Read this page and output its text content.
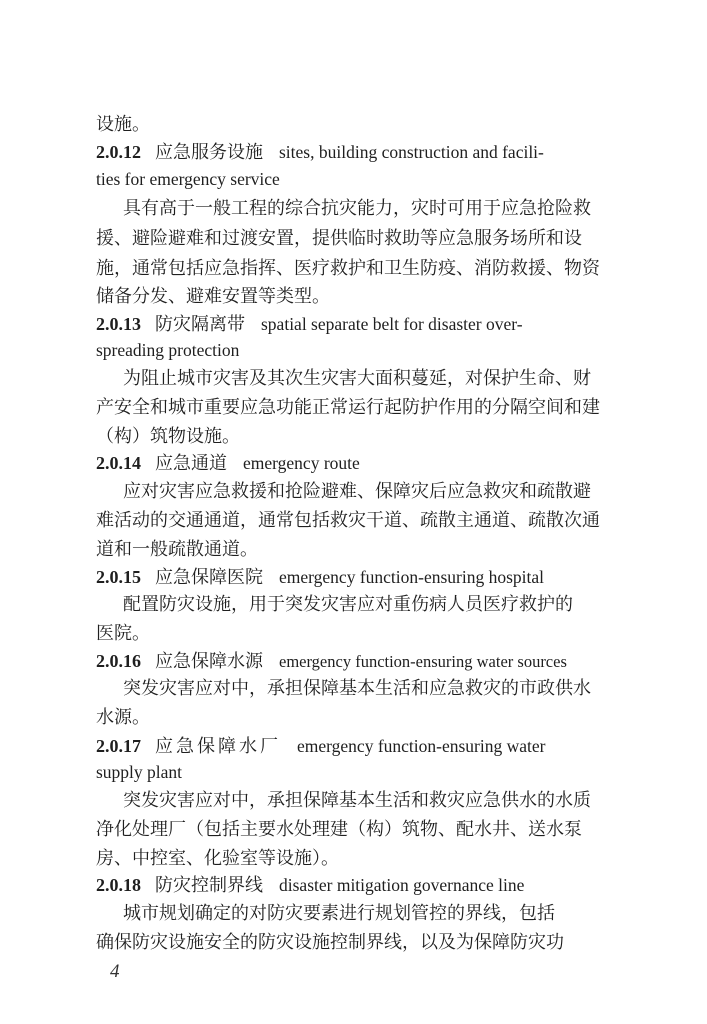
设施。
2.0.12 应急服务设施 sites, building construction and facili-
ties for emergency service
具有高于一般工程的综合抗灾能力，灾时可用于应急抢险救
援、避险避难和过渡安置，提供临时救助等应急服务场所和设
施，通常包括应急指挥、医疗救护和卫生防疫、消防救援、物资
储备分发、避难安置等类型。
2.0.13 防灾隔离带 spatial separate belt for disaster over-
spreading protection
为阻止城市灾害及其次生灾害大面积蔓延，对保护生命、财
产安全和城市重要应急功能正常运行起防护作用的分隔空间和建
（构）筑物设施。
2.0.14 应急通道 emergency route
应对灾害应急救援和抢险避难、保障灾后应急救灾和疏散避
难活动的交通通道，通常包括救灾干道、疏散主通道、疏散次通
道和一般疏散通道。
2.0.15 应急保障医院 emergency function-ensuring hospital
配置防灾设施，用于突发灾害应对重伤病人员医疗救护的
医院。
2.0.16 应急保障水源 emergency function-ensuring water sources
突发灾害应对中，承担保障基本生活和应急救灾的市政供水
水源。
2.0.17 应急保障水厂 emergency function-ensuring water
supply plant
突发灾害应对中，承担保障基本生活和救灾应急供水的水质
净化处理厂（包括主要水处理建（构）筑物、配水井、送水泵
房、中控室、化验室等设施）。
2.0.18 防灾控制界线 disaster mitigation governance line
城市规划确定的对防灾要素进行规划管控的界线，包括
确保防灾设施安全的防灾设施控制界线，以及为保障防灾功
4
